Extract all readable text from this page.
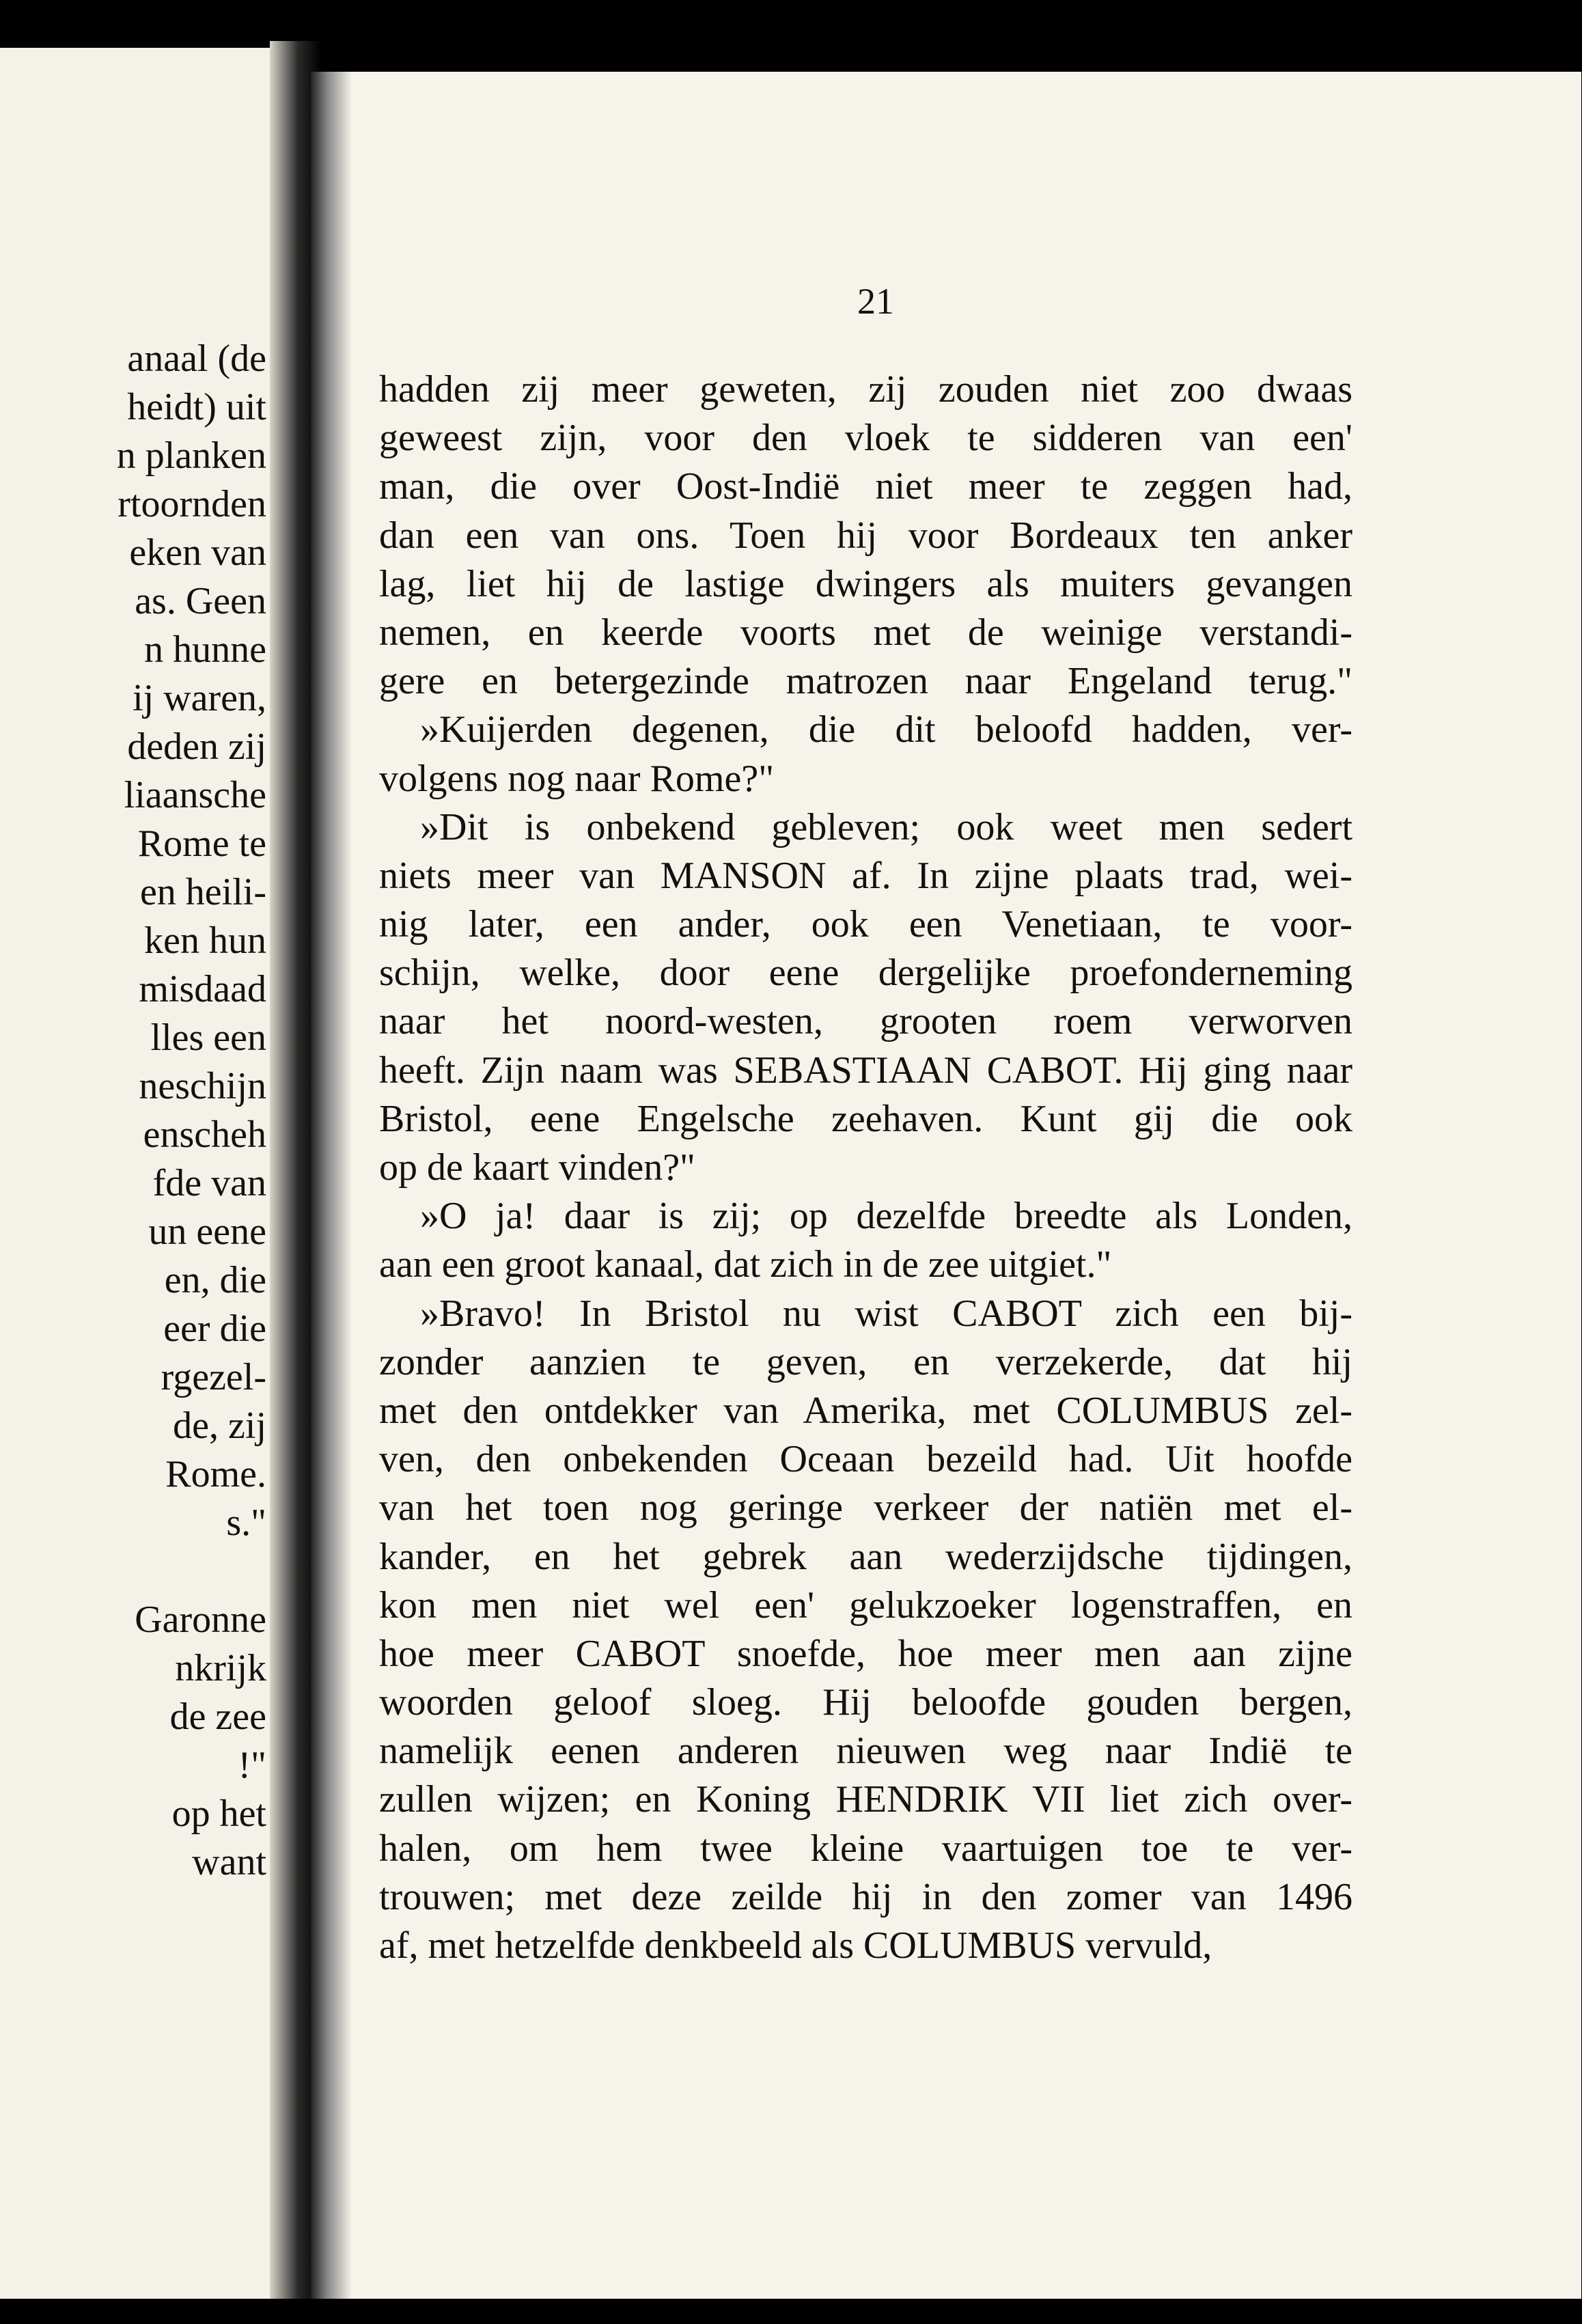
anaal (de
heidt) uit
n planken
rtoornden
eken van
as. Geen
n hunne
ij waren,
deden zij
liaansche
Rome te
en heili-
ken hun
misdaad
lles een
neschijn
enscheh
fde van
un eene
en, die
eer die
rgezel-
de, zij
Rome.
s."
Garonne
nkrijk
de zee
!"
op het
want
21
hadden zij meer geweten, zij zouden niet zoo dwaas
geweest zijn, voor den vloek te sidderen van een'
man, die over Oost-Indië niet meer te zeggen had,
dan een van ons. Toen hij voor Bordeaux ten anker
lag, liet hij de lastige dwingers als muiters gevangen
nemen, en keerde voorts met de weinige verstandi-
gere en betergezinde matrozen naar Engeland terug."
»Kuijerden degenen, die dit beloofd hadden, ver-
volgens nog naar Rome?"
»Dit is onbekend gebleven; ook weet men sedert
niets meer van MANSON af. In zijne plaats trad, wei-
nig later, een ander, ook een Venetiaan, te voor-
schijn, welke, door eene dergelijke proefonderneming
naar het noord-westen, grooten roem verworven
heeft. Zijn naam was SEBASTIAAN CABOT. Hij ging naar
Bristol, eene Engelsche zeehaven. Kunt gij die ook
op de kaart vinden?"
»O ja! daar is zij; op dezelfde breedte als Londen,
aan een groot kanaal, dat zich in de zee uitgiet."
»Bravo! In Bristol nu wist CABOT zich een bij-
zonder aanzien te geven, en verzekerde, dat hij
met den ontdekker van Amerika, met COLUMBUS zel-
ven, den onbekenden Oceaan bezeild had. Uit hoofde
van het toen nog geringe verkeer der natiën met el-
kander, en het gebrek aan wederzijdsche tijdingen,
kon men niet wel een' gelukzoeker logenstraffen, en
hoe meer CABOT snoefde, hoe meer men aan zijne
woorden geloof sloeg. Hij beloofde gouden bergen,
namelijk eenen anderen nieuwen weg naar Indië te
zullen wijzen; en Koning HENDRIK VII liet zich over-
halen, om hem twee kleine vaartuigen toe te ver-
trouwen; met deze zeilde hij in den zomer van 1496
af, met hetzelfde denkbeeld als COLUMBUS vervuld,
